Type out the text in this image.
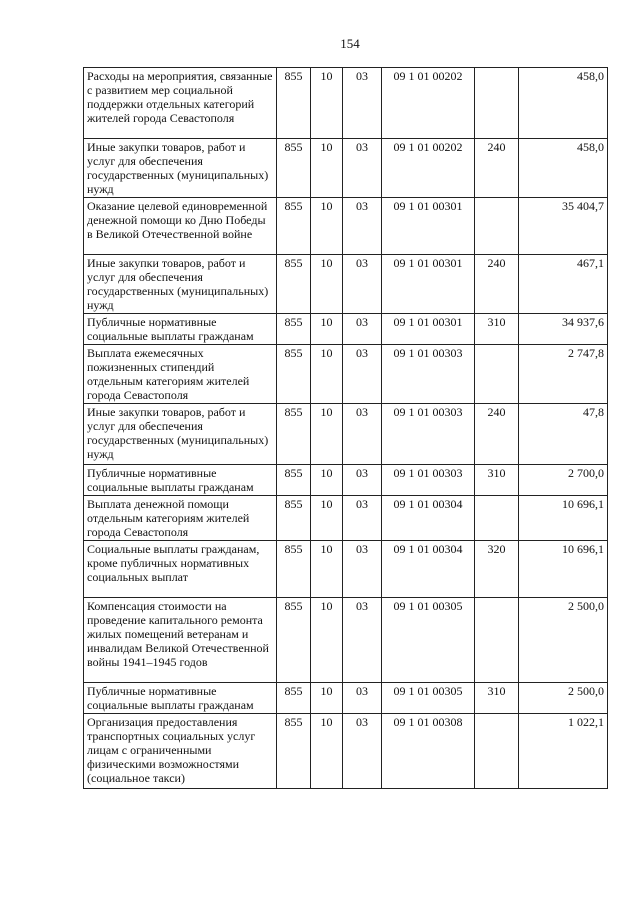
154
Расходы на мероприятия, связанные с развитием мер социальной поддержки отдельных категорий жителей города Севастополя	855	10	03	09 1 01 00202		458,0
Иные закупки товаров, работ и услуг для обеспечения государственных (муниципальных) нужд	855	10	03	09 1 01 00202	240	458,0
Оказание целевой единовременной денежной помощи ко Дню Победы в Великой Отечественной войне	855	10	03	09 1 01 00301		35 404,7
Иные закупки товаров, работ и услуг для обеспечения государственных (муниципальных) нужд	855	10	03	09 1 01 00301	240	467,1
Публичные нормативные социальные выплаты гражданам	855	10	03	09 1 01 00301	310	34 937,6
Выплата ежемесячных пожизненных стипендий отдельным категориям жителей города Севастополя	855	10	03	09 1 01 00303		2 747,8
Иные закупки товаров, работ и услуг для обеспечения государственных (муниципальных) нужд	855	10	03	09 1 01 00303	240	47,8
Публичные нормативные социальные выплаты гражданам	855	10	03	09 1 01 00303	310	2 700,0
Выплата денежной помощи отдельным категориям жителей города Севастополя	855	10	03	09 1 01 00304		10 696,1
Социальные выплаты гражданам, кроме публичных нормативных социальных выплат	855	10	03	09 1 01 00304	320	10 696,1
Компенсация стоимости на проведение капитального ремонта жилых помещений ветеранам и инвалидам Великой Отечественной войны 1941–1945 годов	855	10	03	09 1 01 00305		2 500,0
Публичные нормативные социальные выплаты гражданам	855	10	03	09 1 01 00305	310	2 500,0
Организация предоставления транспортных социальных услуг лицам с ограниченными физическими возможностями (социальное такси)	855	10	03	09 1 01 00308		1 022,1
